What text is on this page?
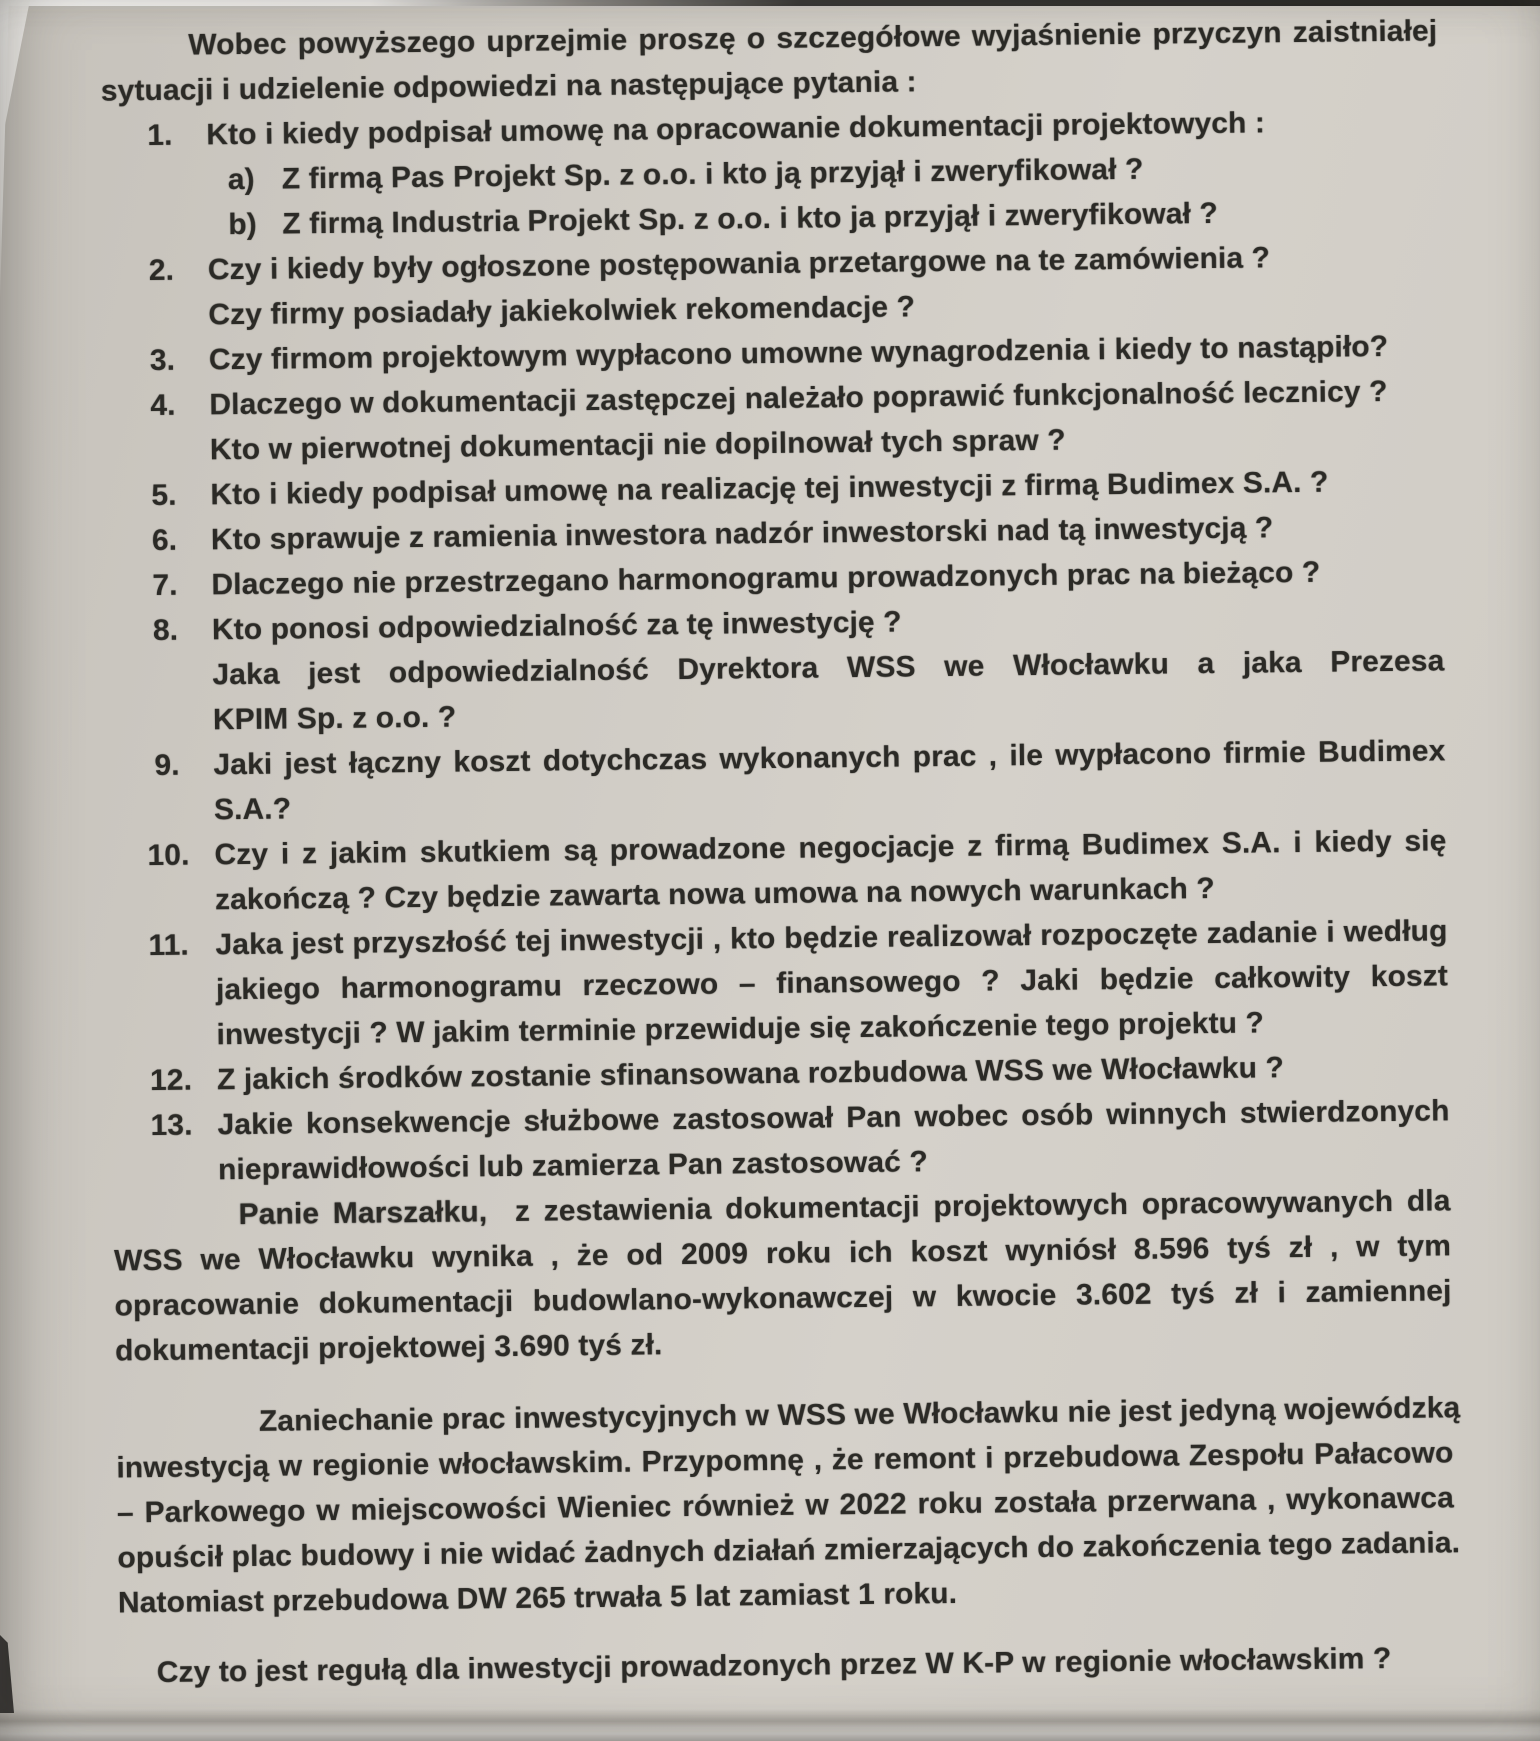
Wobec powyższego uprzejmie proszę o szczegółowe wyjaśnienie przyczyn zaistniałej
sytuacji i udzielenie odpowiedzi na następujące pytania :
1. Kto i kiedy podpisał umowę na opracowanie dokumentacji projektowych :
a) Z firmą Pas Projekt Sp. z o.o. i kto ją przyjął i zweryfikował ?
b) Z firmą Industria Projekt Sp. z o.o. i kto ja przyjął i zweryfikował ?
2. Czy i kiedy były ogłoszone postępowania przetargowe na te zamówienia ?
Czy firmy posiadały jakiekolwiek rekomendacje ?
3. Czy firmom projektowym wypłacono umowne wynagrodzenia i kiedy to nastąpiło?
4. Dlaczego w dokumentacji zastępczej należało poprawić funkcjonalność lecznicy ?
Kto w pierwotnej dokumentacji nie dopilnował tych spraw ?
5. Kto i kiedy podpisał umowę na realizację tej inwestycji z firmą Budimex S.A. ?
6. Kto sprawuje z ramienia inwestora nadzór inwestorski nad tą inwestycją ?
7. Dlaczego nie przestrzegano harmonogramu prowadzonych prac na bieżąco ?
8. Kto ponosi odpowiedzialność za tę inwestycję ?
Jaka jest odpowiedzialność Dyrektora WSS we Włocławku a jaka Prezesa
KPIM Sp. z o.o. ?
9. Jaki jest łączny koszt dotychczas wykonanych prac , ile wypłacono firmie Budimex
S.A.?
10. Czy i z jakim skutkiem są prowadzone negocjacje z firmą Budimex S.A. i kiedy się
zakończą ? Czy będzie zawarta nowa umowa na nowych warunkach ?
11. Jaka jest przyszłość tej inwestycji , kto będzie realizował rozpoczęte zadanie i według
jakiego harmonogramu rzeczowo – finansowego ? Jaki będzie całkowity koszt
inwestycji ? W jakim terminie przewiduje się zakończenie tego projektu ?
12. Z jakich środków zostanie sfinansowana rozbudowa WSS we Włocławku ?
13. Jakie konsekwencje służbowe zastosował Pan wobec osób winnych stwierdzonych
nieprawidłowości lub zamierza Pan zastosować ?
Panie Marszałku, z zestawienia dokumentacji projektowych opracowywanych dla
WSS we Włocławku wynika , że od 2009 roku ich koszt wyniósł 8.596 tyś zł , w tym
opracowanie dokumentacji budowlano-wykonawczej w kwocie 3.602 tyś zł i zamiennej
dokumentacji projektowej 3.690 tyś zł.
Zaniechanie prac inwestycyjnych w WSS we Włocławku nie jest jedyną wojewódzką
inwestycją w regionie włocławskim. Przypomnę , że remont i przebudowa Zespołu Pałacowo
– Parkowego w miejscowości Wieniec również w 2022 roku została przerwana , wykonawca
opuścił plac budowy i nie widać żadnych działań zmierzających do zakończenia tego zadania.
Natomiast przebudowa DW 265 trwała 5 lat zamiast 1 roku.
Czy to jest regułą dla inwestycji prowadzonych przez W K-P w regionie włocławskim ?
